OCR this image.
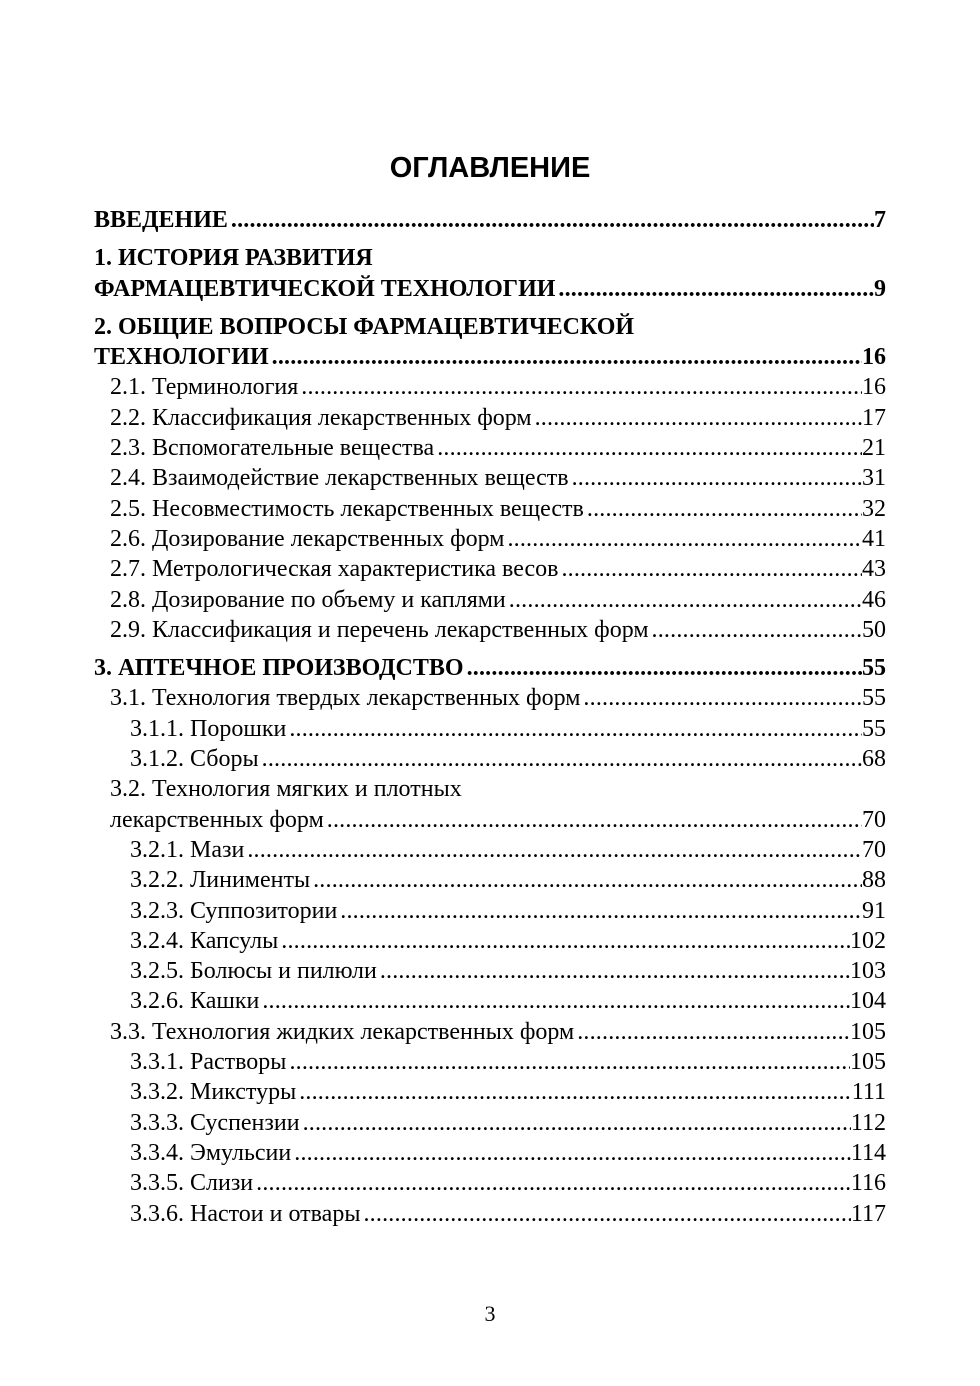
ОГЛАВЛЕНИЕ
ВВЕДЕНИЕ .....	7
1. ИСТОРИЯ РАЗВИТИЯ
ФАРМАЦЕВТИЧЕСКОЙ ТЕХНОЛОГИИ .....	9
2. ОБЩИЕ ВОПРОСЫ ФАРМАЦЕВТИЧЕСКОЙ
ТЕХНОЛОГИИ .....	16
2.1. Терминология .....	16
2.2. Классификация лекарственных форм .....	17
2.3. Вспомогательные вещества .....	21
2.4. Взаимодействие лекарственных веществ .....	31
2.5. Несовместимость лекарственных веществ .....	32
2.6. Дозирование лекарственных форм .....	41
2.7. Метрологическая характеристика весов .....	43
2.8. Дозирование по объему и каплями .....	46
2.9. Классификация и перечень лекарственных форм .....	50
3. АПТЕЧНОЕ ПРОИЗВОДСТВО .....	55
3.1. Технология твердых лекарственных форм .....	55
3.1.1. Порошки .....	55
3.1.2. Сборы .....	68
3.2. Технология мягких и плотных
лекарственных форм .....	70
3.2.1. Мази .....	70
3.2.2. Линименты .....	88
3.2.3. Суппозитории .....	91
3.2.4. Капсулы .....	102
3.2.5. Болюсы и пилюли .....	103
3.2.6. Кашки .....	104
3.3. Технология жидких лекарственных форм .....	105
3.3.1. Растворы .....	105
3.3.2. Микстуры .....	111
3.3.3. Суспензии .....	112
3.3.4. Эмульсии .....	114
3.3.5. Слизи .....	116
3.3.6. Настои и отвары .....	117
3
